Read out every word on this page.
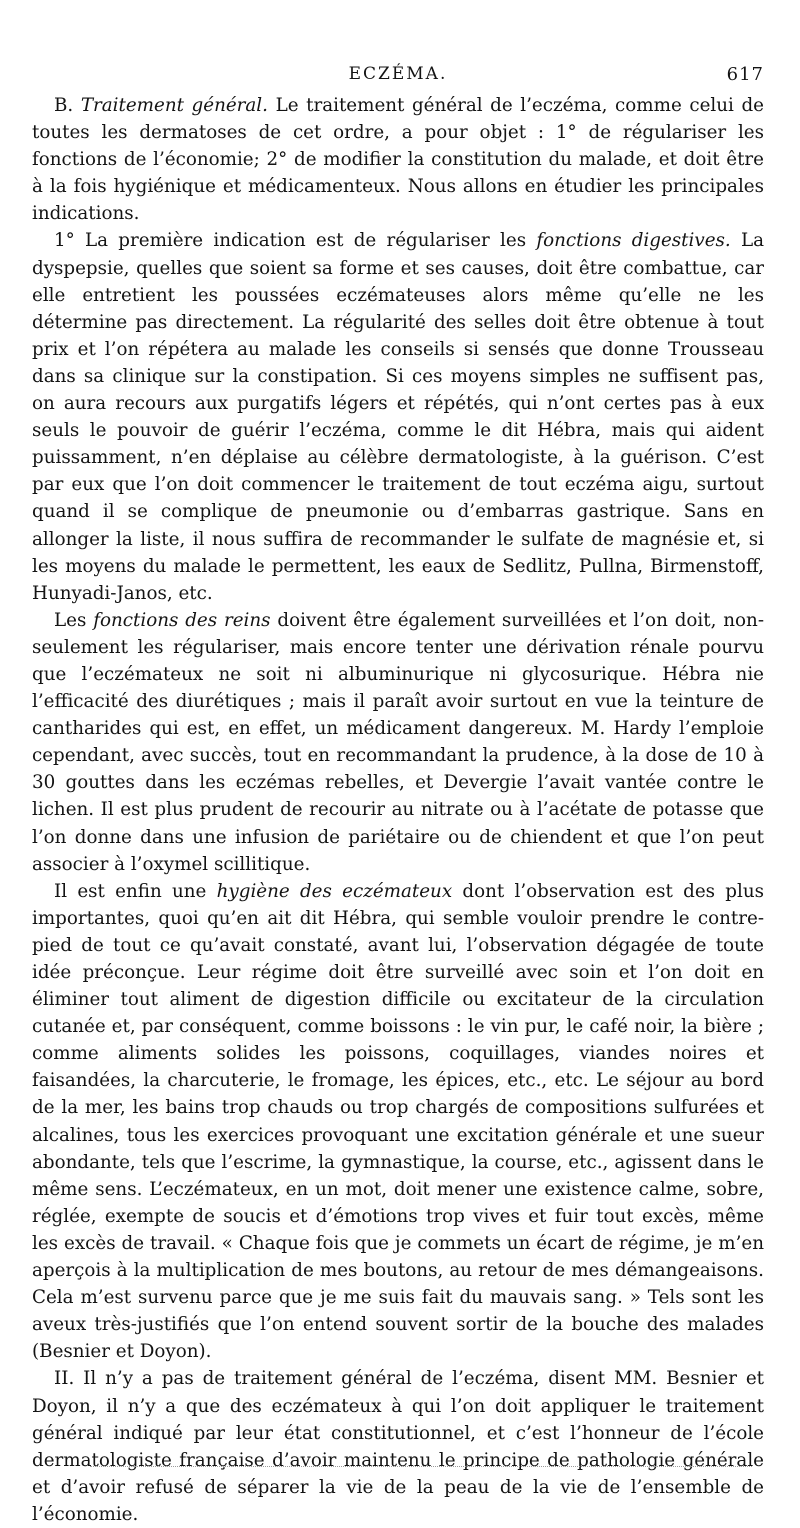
ECZÉMA.	617

B. Traitement général. Le traitement général de l’eczéma, comme celui de toutes les dermatoses de cet ordre, a pour objet : 1° de régulariser les fonctions de l’économie; 2° de modifier la constitution du malade, et doit être à la fois hygiénique et médicamenteux. Nous allons en étudier les principales indications.

1° La première indication est de régulariser les fonctions digestives. La dyspepsie, quelles que soient sa forme et ses causes, doit être combattue, car elle entretient les poussées eczémateuses alors même qu’elle ne les détermine pas directement. La régularité des selles doit être obtenue à tout prix et l’on répétera au malade les conseils si sensés que donne Trousseau dans sa clinique sur la constipation. Si ces moyens simples ne suffisent pas, on aura recours aux purgatifs légers et répétés, qui n’ont certes pas à eux seuls le pouvoir de guérir l’eczéma, comme le dit Hébra, mais qui aident puissamment, n’en déplaise au célèbre dermatologiste, à la guérison. C’est par eux que l’on doit commencer le traitement de tout eczéma aigu, surtout quand il se complique de pneumonie ou d’embarras gastrique. Sans en allonger la liste, il nous suffira de recommander le sulfate de magnésie et, si les moyens du malade le permettent, les eaux de Sedlitz, Pullna, Birmenstoff, Hunyadi-Janos, etc.

Les fonctions des reins doivent être également surveillées et l’on doit, non-seulement les régulariser, mais encore tenter une dérivation rénale pourvu que l’eczémateux ne soit ni albuminurique ni glycosurique. Hébra nie l’efficacité des diurétiques ; mais il paraît avoir surtout en vue la teinture de cantharides qui est, en effet, un médicament dangereux. M. Hardy l’emploie cependant, avec succès, tout en recommandant la prudence, à la dose de 10 à 30 gouttes dans les eczémas rebelles, et Devergie l’avait vantée contre le lichen. Il est plus prudent de recourir au nitrate ou à l’acétate de potasse que l’on donne dans une infusion de pariétaire ou de chiendent et que l’on peut associer à l’oxymel scillitique.

Il est enfin une hygiène des eczémateux dont l’observation est des plus importantes, quoi qu’en ait dit Hébra, qui semble vouloir prendre le contre-pied de tout ce qu’avait constaté, avant lui, l’observation dégagée de toute idée préconçue. Leur régime doit être surveillé avec soin et l’on doit en éliminer tout aliment de digestion difficile ou excitateur de la circulation cutanée et, par conséquent, comme boissons : le vin pur, le café noir, la bière ; comme aliments solides les poissons, coquillages, viandes noires et faisandées, la charcuterie, le fromage, les épices, etc., etc. Le séjour au bord de la mer, les bains trop chauds ou trop chargés de compositions sulfurées et alcalines, tous les exercices provoquant une excitation générale et une sueur abondante, tels que l’escrime, la gymnastique, la course, etc., agissent dans le même sens. L’eczémateux, en un mot, doit mener une existence calme, sobre, réglée, exempte de soucis et d’émotions trop vives et fuir tout excès, même les excès de travail. « Chaque fois que je commets un écart de régime, je m’en aperçois à la multiplication de mes boutons, au retour de mes démangeaisons. Cela m’est survenu parce que je me suis fait du mauvais sang. » Tels sont les aveux très-justifiés que l’on entend souvent sortir de la bouche des malades (Besnier et Doyon).

II. Il n’y a pas de traitement général de l’eczéma, disent MM. Besnier et Doyon, il n’y a que des eczémateux à qui l’on doit appliquer le traitement général indiqué par leur état constitutionnel, et c’est l’honneur de l’école dermatologiste française d’avoir maintenu le principe de pathologie générale et d’avoir refusé de séparer la vie de la peau de la vie de l’ensemble de l’économie.
